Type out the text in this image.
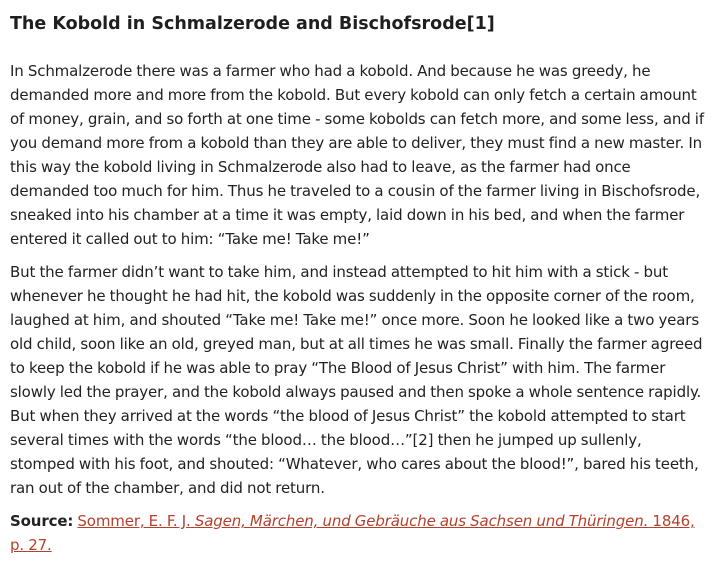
The Kobold in Schmalzerode and Bischofsrode[1]

In Schmalzerode there was a farmer who had a kobold. And because he was greedy, he demanded more and more from the kobold. But every kobold can only fetch a certain amount of money, grain, and so forth at one time - some kobolds can fetch more, and some less, and if you demand more from a kobold than they are able to deliver, they must find a new master. In this way the kobold living in Schmalzerode also had to leave, as the farmer had once demanded too much for him. Thus he traveled to a cousin of the farmer living in Bischofsrode, sneaked into his chamber at a time it was empty, laid down in his bed, and when the farmer entered it called out to him: “Take me! Take me!”

But the farmer didn’t want to take him, and instead attempted to hit him with a stick - but whenever he thought he had hit, the kobold was suddenly in the opposite corner of the room, laughed at him, and shouted “Take me! Take me!” once more. Soon he looked like a two years old child, soon like an old, greyed man, but at all times he was small. Finally the farmer agreed to keep the kobold if he was able to pray “The Blood of Jesus Christ” with him. The farmer slowly led the prayer, and the kobold always paused and then spoke a whole sentence rapidly. But when they arrived at the words “the blood of Jesus Christ” the kobold attempted to start several times with the words “the blood… the blood…”[2] then he jumped up sullenly, stomped with his foot, and shouted: “Whatever, who cares about the blood!”, bared his teeth, ran out of the chamber, and did not return.

Source: Sommer, E. F. J. Sagen, Märchen, und Gebräuche aus Sachsen und Thüringen. 1846, p. 27.
